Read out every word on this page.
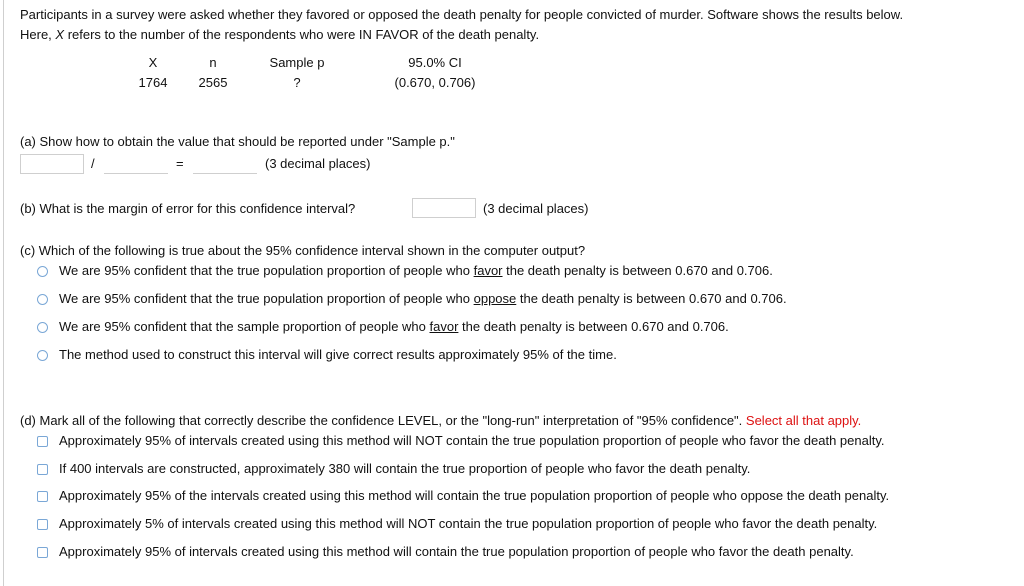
Participants in a survey were asked whether they favored or opposed the death penalty for people convicted of murder. Software shows the results below.
Here, X refers to the number of the respondents who were IN FAVOR of the death penalty.
X	n	Sample p	95.0% CI
1764	2565	?	(0.670, 0.706)
(a) Show how to obtain the value that should be reported under "Sample p."
/	=	(3 decimal places)
(b) What is the margin of error for this confidence interval?	(3 decimal places)
(c) Which of the following is true about the 95% confidence interval shown in the computer output?
We are 95% confident that the true population proportion of people who favor the death penalty is between 0.670 and 0.706.
We are 95% confident that the true population proportion of people who oppose the death penalty is between 0.670 and 0.706.
We are 95% confident that the sample proportion of people who favor the death penalty is between 0.670 and 0.706.
The method used to construct this interval will give correct results approximately 95% of the time.
(d) Mark all of the following that correctly describe the confidence LEVEL, or the "long-run" interpretation of "95% confidence". Select all that apply.
Approximately 95% of intervals created using this method will NOT contain the true population proportion of people who favor the death penalty.
If 400 intervals are constructed, approximately 380 will contain the true proportion of people who favor the death penalty.
Approximately 95% of the intervals created using this method will contain the true population proportion of people who oppose the death penalty.
Approximately 5% of intervals created using this method will NOT contain the true population proportion of people who favor the death penalty.
Approximately 95% of intervals created using this method will contain the true population proportion of people who favor the death penalty.
